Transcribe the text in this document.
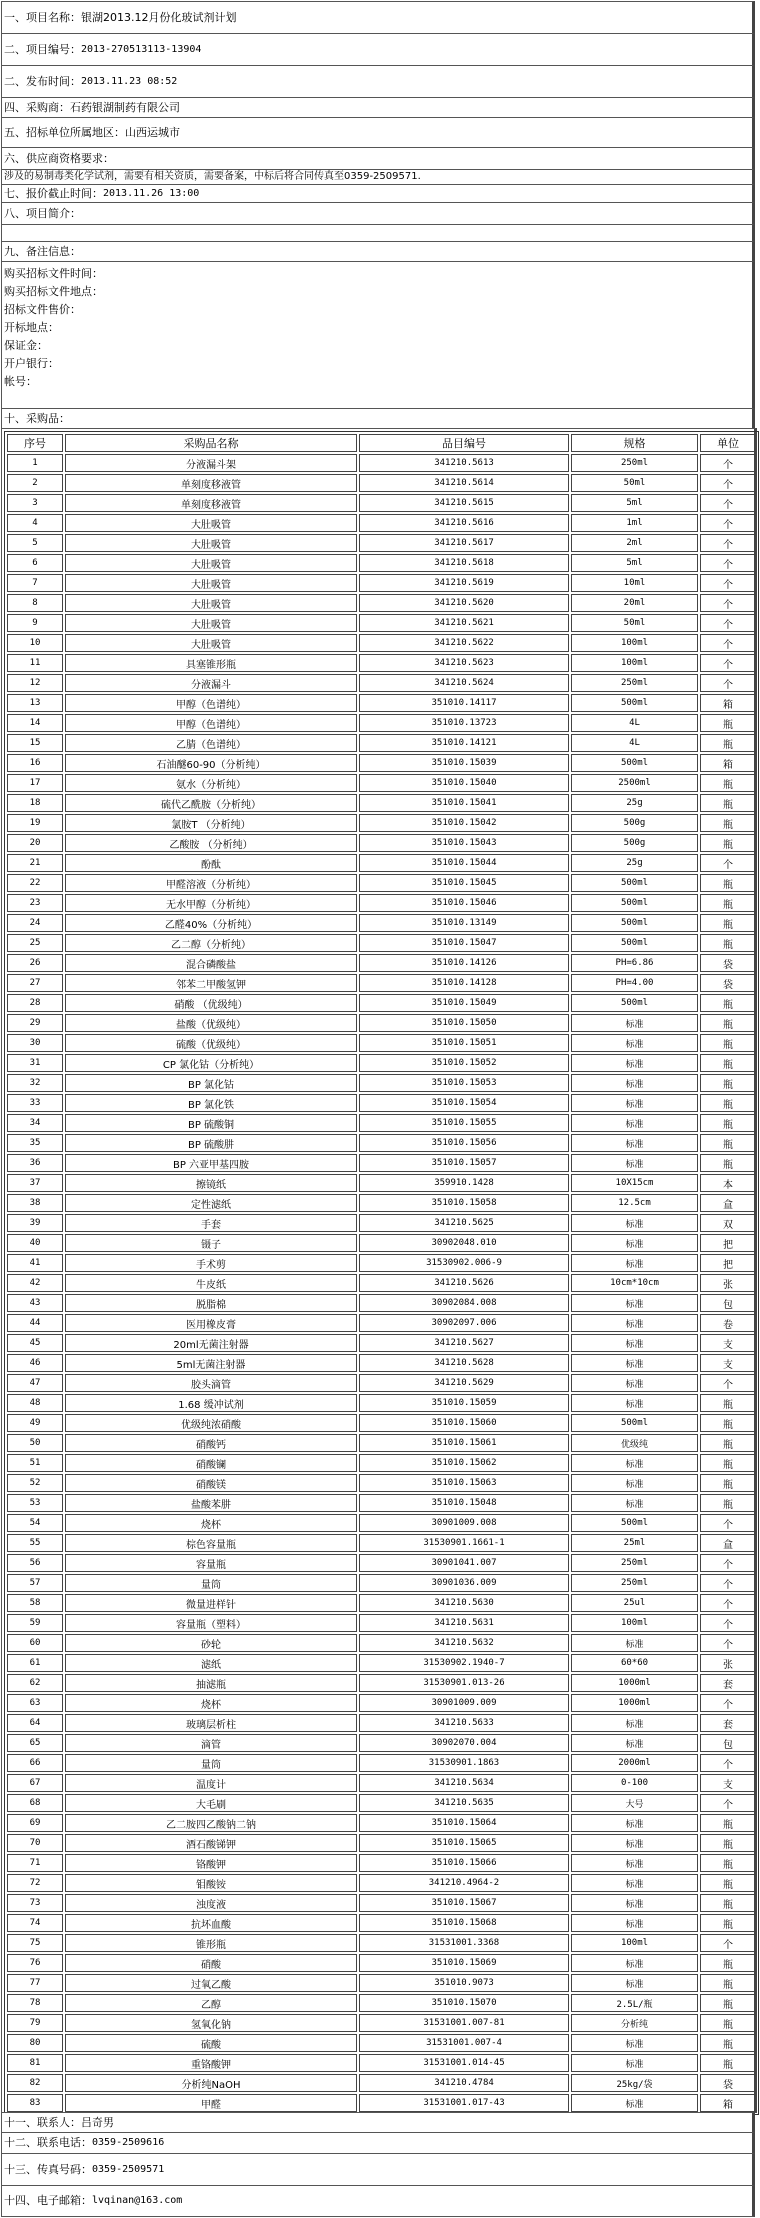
一、项目名称： 银湖2013.12月份化玻试剂计划
二、项目编号： 2013-270513113-13904
二、发布时间： 2013.11.23 08:52
四、采购商： 石药银湖制药有限公司
五、招标单位所属地区： 山西运城市
六、供应商资格要求：
涉及的易制毒类化学试剂，需要有相关资质，需要备案，中标后将合同传真至0359-2509571.
七、报价截止时间： 2013.11.26 13:00
八、项目简介：
九、备注信息：
购买招标文件时间：
购买招标文件地点：
招标文件售价：
开标地点：
保证金：
开户银行：
帐号：
十、采购品：
序号	采购品名称	品目编号	规格	单位
1	分液漏斗架	341210.5613	250ml	个
2	单刻度移液管	341210.5614	50ml	个
3	单刻度移液管	341210.5615	5ml	个
4	大肚吸管	341210.5616	1ml	个
5	大肚吸管	341210.5617	2ml	个
6	大肚吸管	341210.5618	5ml	个
7	大肚吸管	341210.5619	10ml	个
8	大肚吸管	341210.5620	20ml	个
9	大肚吸管	341210.5621	50ml	个
10	大肚吸管	341210.5622	100ml	个
11	具塞锥形瓶	341210.5623	100ml	个
12	分液漏斗	341210.5624	250ml	个
13	甲醇（色谱纯）	351010.14117	500ml	箱
14	甲醇（色谱纯）	351010.13723	4L	瓶
15	乙腈（色谱纯）	351010.14121	4L	瓶
16	石油醚60-90（分析纯）	351010.15039	500ml	箱
17	氨水（分析纯）	351010.15040	2500ml	瓶
18	硫代乙酰胺（分析纯）	351010.15041	25g	瓶
19	氯胺T （分析纯）	351010.15042	500g	瓶
20	乙酸胺 （分析纯）	351010.15043	500g	瓶
21	酚酞	351010.15044	25g	个
22	甲醛溶液（分析纯）	351010.15045	500ml	瓶
23	无水甲醇（分析纯）	351010.15046	500ml	瓶
24	乙醛40%（分析纯）	351010.13149	500ml	瓶
25	乙二醇（分析纯）	351010.15047	500ml	瓶
26	混合磷酸盐	351010.14126	PH=6.86	袋
27	邻苯二甲酸氢钾	351010.14128	PH=4.00	袋
28	硝酸 （优级纯）	351010.15049	500ml	瓶
29	盐酸（优级纯）	351010.15050	标准	瓶
30	硫酸（优级纯）	351010.15051	标准	瓶
31	CP 氯化钴（分析纯）	351010.15052	标准	瓶
32	BP 氯化钴	351010.15053	标准	瓶
33	BP 氯化铁	351010.15054	标准	瓶
34	BP 硫酸铜	351010.15055	标准	瓶
35	BP 硫酸肼	351010.15056	标准	瓶
36	BP 六亚甲基四胺	351010.15057	标准	瓶
37	擦镜纸	359910.1428	10X15cm	本
38	定性滤纸	351010.15058	12.5cm	盒
39	手套	341210.5625	标准	双
40	镊子	30902048.010	标准	把
41	手术剪	31530902.006-9	标准	把
42	牛皮纸	341210.5626	10cm*10cm	张
43	脱脂棉	30902084.008	标准	包
44	医用橡皮膏	30902097.006	标准	卷
45	20ml无菌注射器	341210.5627	标准	支
46	5ml无菌注射器	341210.5628	标准	支
47	胶头滴管	341210.5629	标准	个
48	1.68 缓冲试剂	351010.15059	标准	瓶
49	优级纯浓硝酸	351010.15060	500ml	瓶
50	硝酸钙	351010.15061	优级纯	瓶
51	硝酸镧	351010.15062	标准	瓶
52	硝酸镁	351010.15063	标准	瓶
53	盐酸苯肼	351010.15048	标准	瓶
54	烧杯	30901009.008	500ml	个
55	棕色容量瓶	31530901.1661-1	25ml	盒
56	容量瓶	30901041.007	250ml	个
57	量筒	30901036.009	250ml	个
58	微量进样针	341210.5630	25ul	个
59	容量瓶（塑料）	341210.5631	100ml	个
60	砂轮	341210.5632	标准	个
61	滤纸	31530902.1940-7	60*60	张
62	抽滤瓶	31530901.013-26	1000ml	套
63	烧杯	30901009.009	1000ml	个
64	玻璃层析柱	341210.5633	标准	套
65	滴管	30902070.004	标准	包
66	量筒	31530901.1863	2000ml	个
67	温度计	341210.5634	0-100	支
68	大毛刷	341210.5635	大号	个
69	乙二胺四乙酸钠二钠	351010.15064	标准	瓶
70	酒石酸锑钾	351010.15065	标准	瓶
71	铬酸钾	351010.15066	标准	瓶
72	钼酸铵	341210.4964-2	标准	瓶
73	浊度液	351010.15067	标准	瓶
74	抗坏血酸	351010.15068	标准	瓶
75	锥形瓶	31531001.3368	100ml	个
76	硝酸	351010.15069	标准	瓶
77	过氧乙酸	351010.9073	标准	瓶
78	乙醇	351010.15070	2.5L/瓶	瓶
79	氢氧化钠	31531001.007-81	分析纯	瓶
80	硫酸	31531001.007-4	标准	瓶
81	重铬酸钾	31531001.014-45	标准	瓶
82	分析纯NaOH	341210.4784	25kg/袋	袋
83	甲醛	31531001.017-43	标准	箱
十一、联系人： 吕奇男
十二、联系电话： 0359-2509616
十三、传真号码： 0359-2509571
十四、电子邮箱： lvqinan@163.com
